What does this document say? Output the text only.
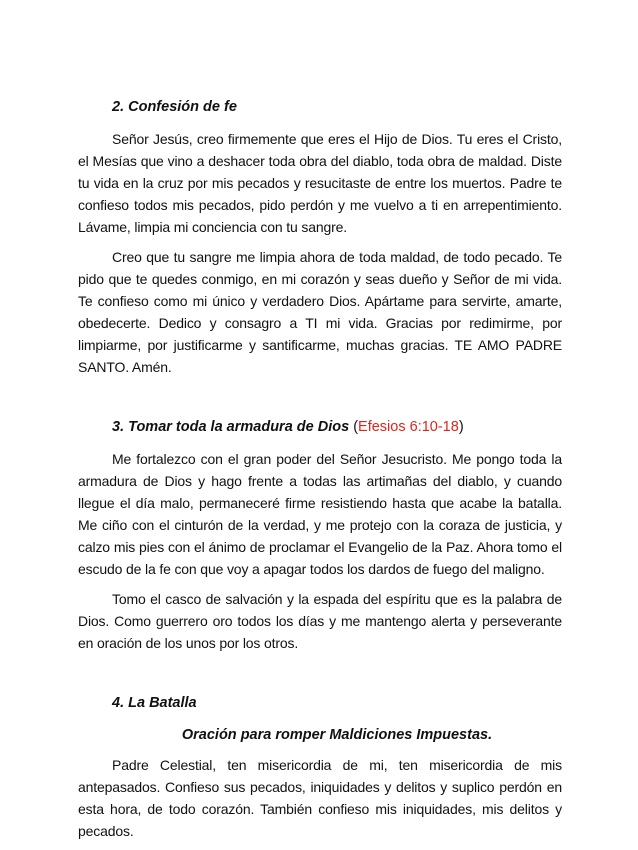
2. Confesión de fe

Señor Jesús, creo firmemente que eres el Hijo de Dios. Tu eres el Cristo, el Mesías que vino a deshacer toda obra del diablo, toda obra de maldad. Diste tu vida en la cruz por mis pecados y resucitaste de entre los muertos. Padre te confieso todos mis pecados, pido perdón y me vuelvo a ti en arrepentimiento. Lávame, limpia mi conciencia con tu sangre.

Creo que tu sangre me limpia ahora de toda maldad, de todo pecado. Te pido que te quedes conmigo, en mi corazón y seas dueño y Señor de mi vida. Te confieso como mi único y verdadero Dios. Apártame para servirte, amarte, obedecerte. Dedico y consagro a TI mi vida. Gracias por redimirme, por limpiarme, por justificarme y santificarme, muchas gracias. TE AMO PADRE SANTO. Amén.

3. Tomar toda la armadura de Dios (Efesios 6:10-18)

Me fortalezco con el gran poder del Señor Jesucristo. Me pongo toda la armadura de Dios y hago frente a todas las artimañas del diablo, y cuando llegue el día malo, permaneceré firme resistiendo hasta que acabe la batalla. Me ciño con el cinturón de la verdad, y me protejo con la coraza de justicia, y calzo mis pies con el ánimo de proclamar el Evangelio de la Paz. Ahora tomo el escudo de la fe con que voy a apagar todos los dardos de fuego del maligno.

Tomo el casco de salvación y la espada del espíritu que es la palabra de Dios. Como guerrero oro todos los días y me mantengo alerta y perseverante en oración de los unos por los otros.

4. La Batalla
Oración para romper Maldiciones Impuestas.

Padre Celestial, ten misericordia de mi, ten misericordia de mis antepasados. Confieso sus pecados, iniquidades y delitos y suplico perdón en esta hora, de todo corazón. También confieso mis iniquidades, mis delitos y pecados.
